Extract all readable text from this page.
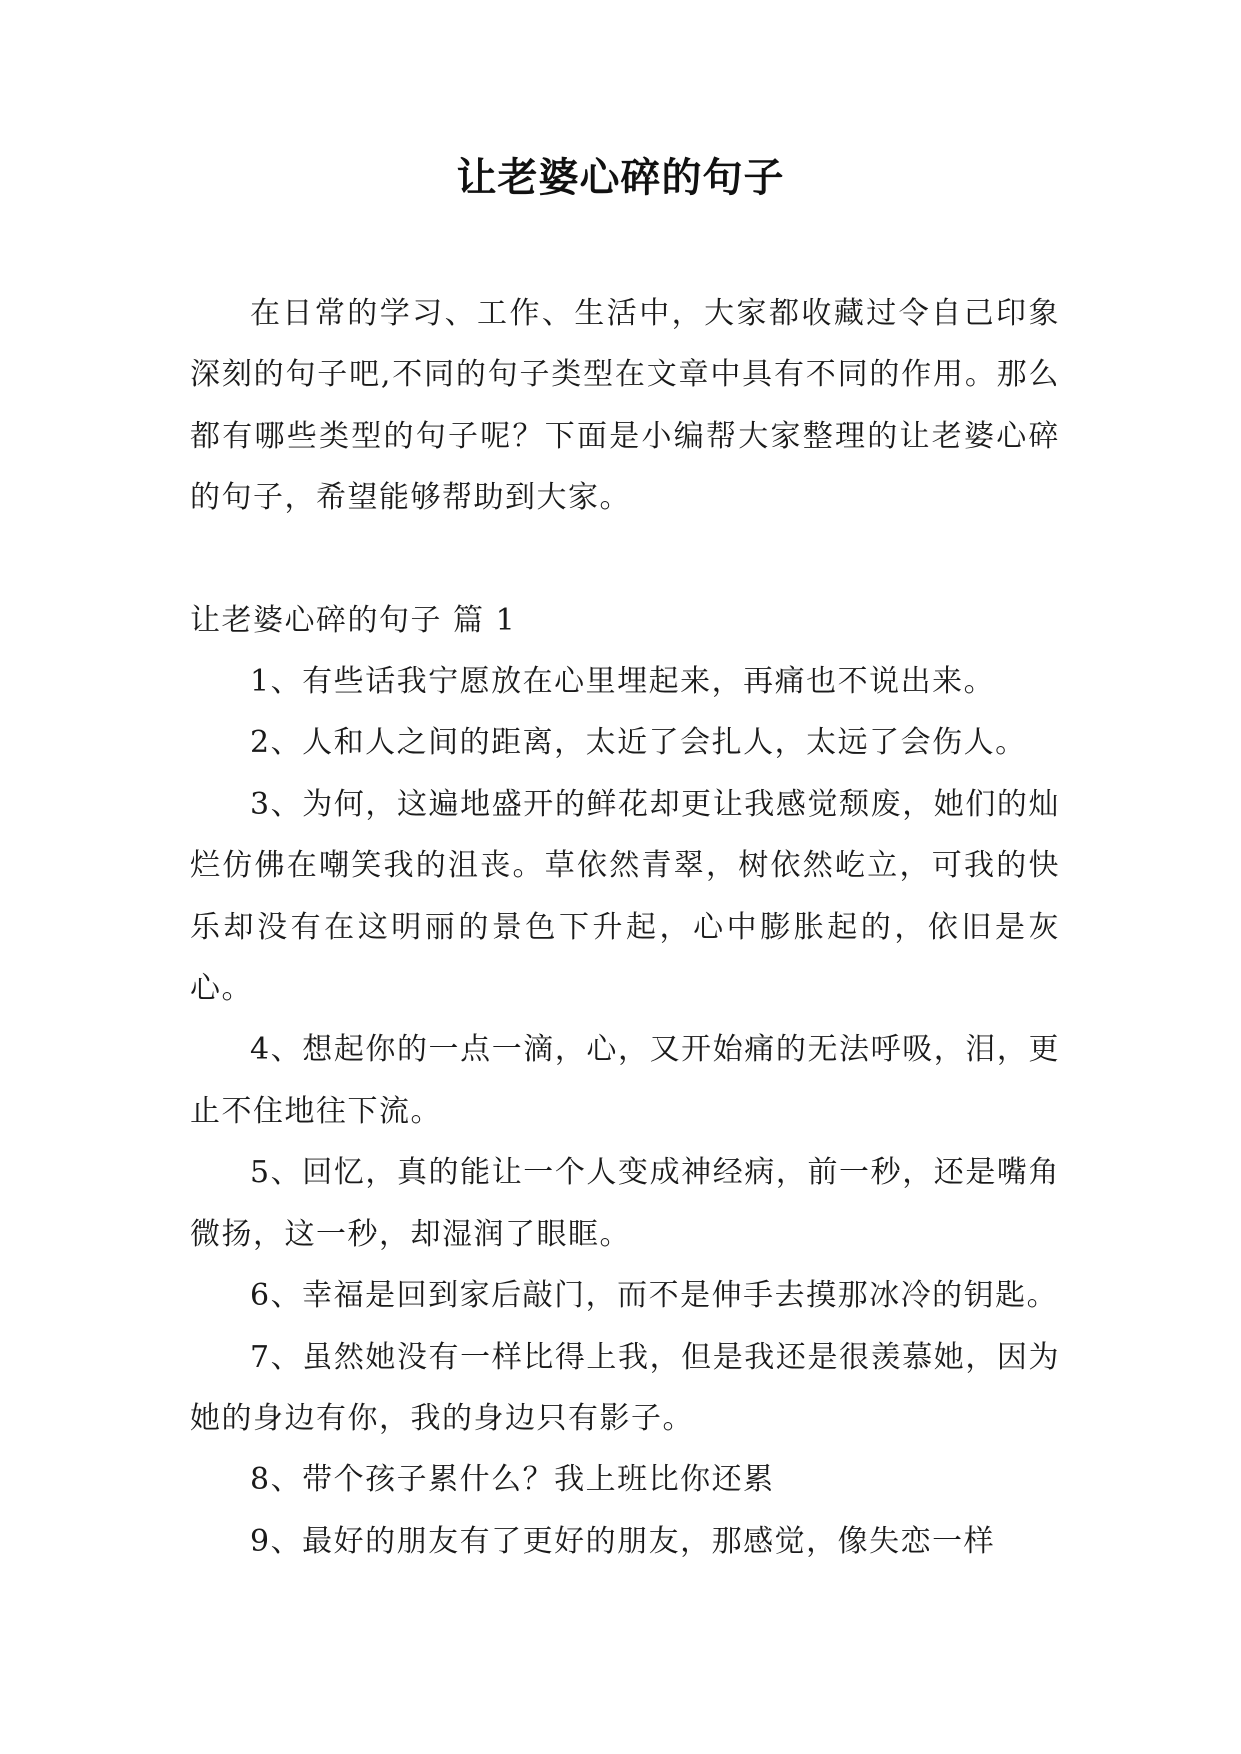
让老婆心碎的句子

在日常的学习、工作、生活中，大家都收藏过令自己印象深刻的句子吧,不同的句子类型在文章中具有不同的作用。那么都有哪些类型的句子呢？下面是小编帮大家整理的让老婆心碎的句子，希望能够帮助到大家。

让老婆心碎的句子 篇 1

1、有些话我宁愿放在心里埋起来，再痛也不说出来。

2、人和人之间的距离，太近了会扎人，太远了会伤人。

3、为何，这遍地盛开的鲜花却更让我感觉颓废，她们的灿烂仿佛在嘲笑我的沮丧。草依然青翠，树依然屹立，可我的快乐却没有在这明丽的景色下升起，心中膨胀起的，依旧是灰心。

4、想起你的一点一滴，心，又开始痛的无法呼吸，泪，更止不住地往下流。

5、回忆，真的能让一个人变成神经病，前一秒，还是嘴角微扬，这一秒，却湿润了眼眶。

6、幸福是回到家后敲门，而不是伸手去摸那冰冷的钥匙。

7、虽然她没有一样比得上我，但是我还是很羡慕她，因为她的身边有你，我的身边只有影子。

8、带个孩子累什么？我上班比你还累

9、最好的朋友有了更好的朋友，那感觉，像失恋一样
